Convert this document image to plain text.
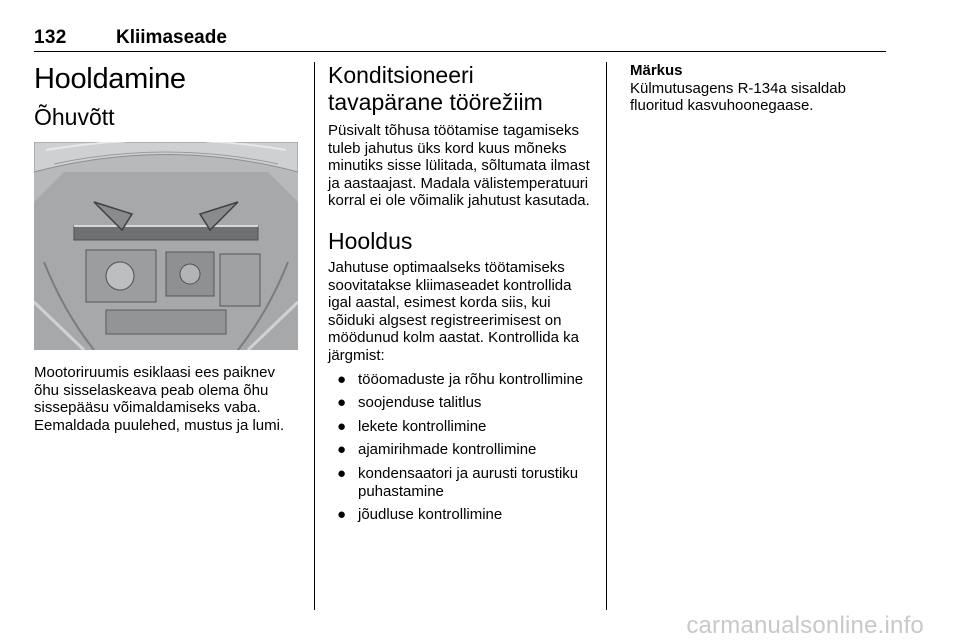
132	Kliimaseade
Hooldamine
Õhuvõtt

Mootoriruumis esiklaasi ees paiknev õhu sisselaskeava peab olema õhu sissepääsu võimaldamiseks vaba. Eemaldada puulehed, mustus ja lumi.

Konditsioneeri tavapärane töörežiim

Püsivalt tõhusa töötamise tagamiseks tuleb jahutus üks kord kuus mõneks minutiks sisse lülitada, sõltumata ilmast ja aastaajast. Madala välistemperatuuri korral ei ole võimalik jahutust kasutada.

Hooldus

Jahutuse optimaalseks töötamiseks soovitatakse kliimaseadet kontrollida igal aastal, esimest korda siis, kui sõiduki algsest registreerimisest on möödunud kolm aastat. Kontrollida ka järgmist:

● tööomaduste ja rõhu kontrollimine
● soojenduse talitlus
● lekete kontrollimine
● ajamirihmade kontrollimine
● kondensaatori ja aurusti torustiku puhastamine
● jõudluse kontrollimine
Märkus

Külmutusagens R-134a sisaldab fluoritud kasvuhoonegaase.

carmanualsonline.info
